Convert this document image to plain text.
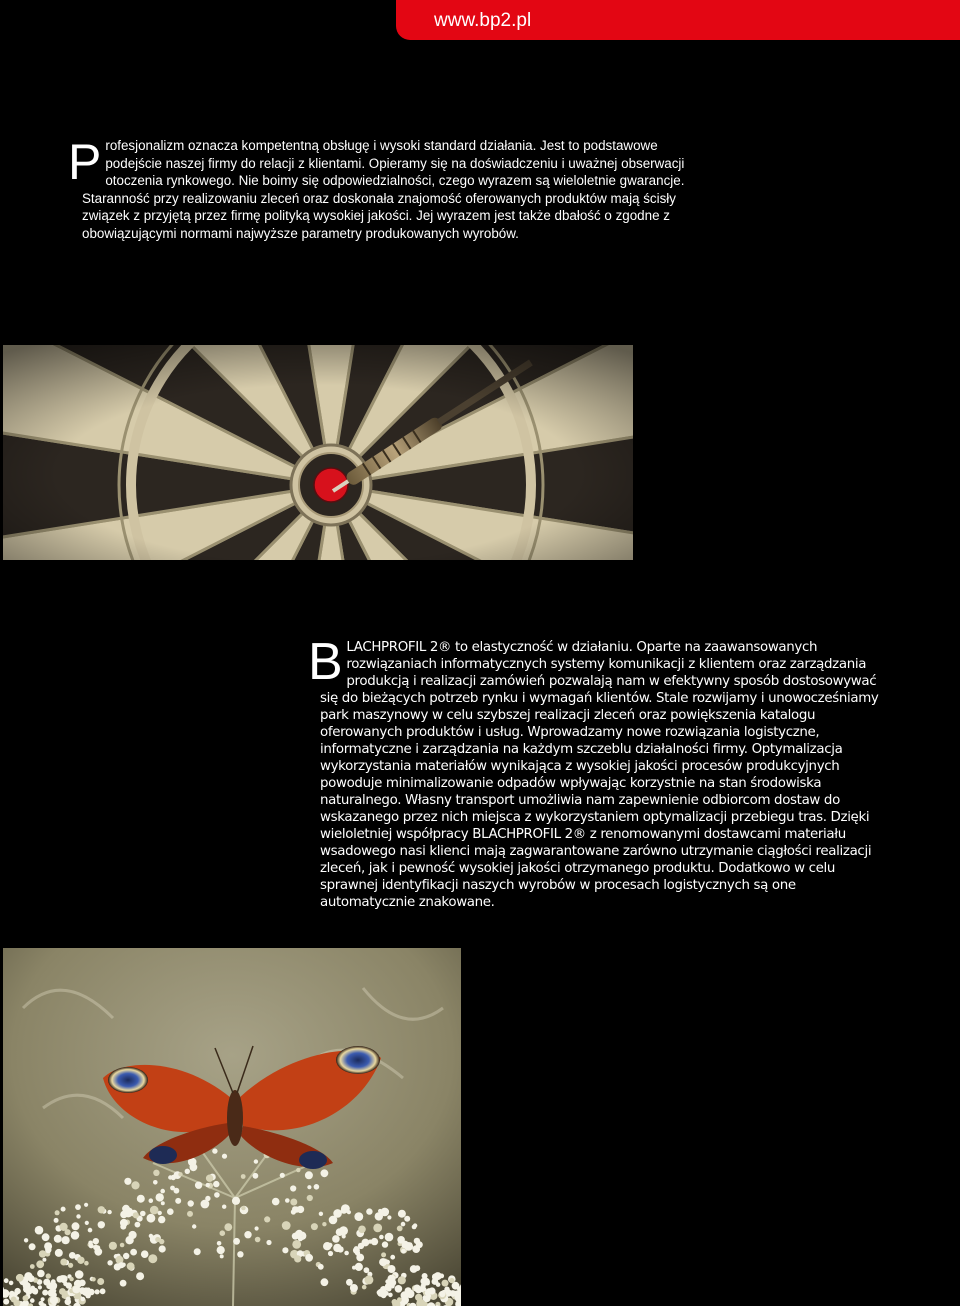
www.bp2.pl
P rofesjonalizm oznacza kompetentną obsługę i wysoki standard działania. Jest to podstawowe podejście naszej firmy do relacji z klientami. Opieramy się na doświadczeniu i uważnej obserwacji otoczenia rynkowego. Nie boimy się odpowiedzialności, czego wyrazem są wieloletnie gwarancje. Staranność przy realizowaniu zleceń oraz doskonała znajomość oferowanych produktów mają ścisły związek z przyjętą przez firmę polityką wysokiej jakości. Jej wyrazem jest także dbałość o zgodne z obowiązującymi normami najwyższe parametry produkowanych wyrobów.
B LACHPROFIL 2® to elastyczność w działaniu. Oparte na zaawansowanych rozwiązaniach informatycznych systemy komunikacji z klientem oraz zarządzania produkcją i realizacji zamówień pozwalają nam w efektywny sposób dostosowywać się do bieżących potrzeb rynku i wymagań klientów. Stale rozwijamy i unowocześniamy park maszynowy w celu szybszej realizacji zleceń oraz powiększenia katalogu oferowanych produktów i usług. Wprowadzamy nowe rozwiązania logistyczne, informatyczne i zarządzania na każdym szczeblu działalności firmy. Optymalizacja wykorzystania materiałów wynikająca z wysokiej jakości procesów produkcyjnych powoduje minimalizowanie odpadów wpływając korzystnie na stan środowiska naturalnego. Własny transport umożliwia nam zapewnienie odbiorcom dostaw do wskazanego przez nich miejsca z wykorzystaniem optymalizacji przebiegu tras. Dzięki wieloletniej współpracy BLACHPROFIL 2® z renomowanymi dostawcami materiału wsadowego nasi klienci mają zagwarantowane zarówno utrzymanie ciągłości realizacji zleceń, jak i pewność wysokiej jakości otrzymanego produktu. Dodatkowo w celu sprawnej identyfikacji naszych wyrobów w procesach logistycznych są one automatycznie znakowane.
